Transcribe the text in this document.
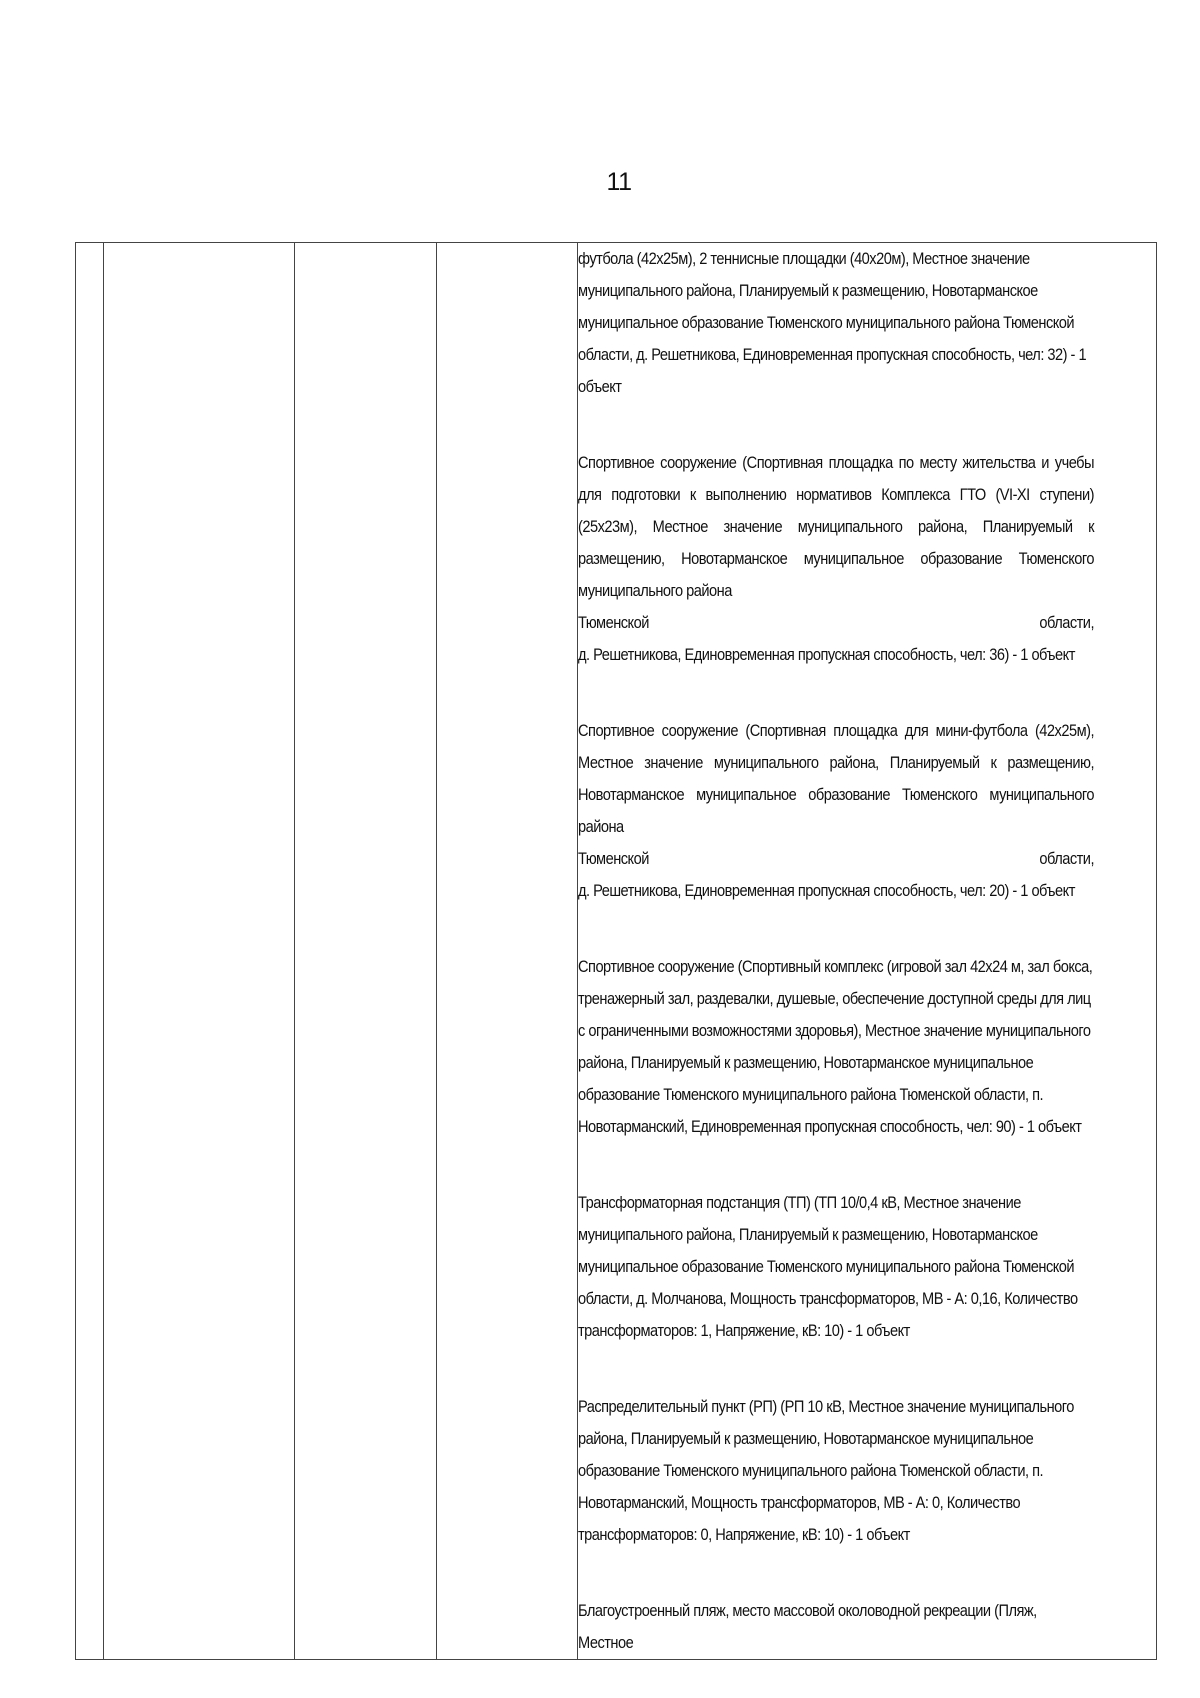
11

футбола (42х25м), 2 теннисные площадки (40х20м), Местное значение муниципального района, Планируемый к размещению, Новотарманское муниципальное образование Тюменского муниципального района Тюменской области, д. Решетникова, Единовременная пропускная способность, чел: 32) - 1 объект

Спортивное сооружение (Спортивная площадка по месту жительства и учебы для подготовки к выполнению нормативов Комплекса ГТО (VI-XI ступени) (25х23м), Местное значение муниципального района, Планируемый к размещению, Новотарманское муниципальное образование Тюменского муниципального района

Тюменской области,

д. Решетникова, Единовременная пропускная способность, чел: 36) - 1 объект

Спортивное сооружение (Спортивная площадка для мини-футбола (42х25м), Местное значение муниципального района, Планируемый к размещению, Новотарманское муниципальное образование Тюменского муниципального района

Тюменской области,

д. Решетникова, Единовременная пропускная способность, чел: 20) - 1 объект

Спортивное сооружение (Спортивный комплекс (игровой зал 42х24 м, зал бокса, тренажерный зал, раздевалки, душевые, обеспечение доступной среды для лиц с ограниченными возможностями здоровья), Местное значение муниципального района, Планируемый к размещению, Новотарманское муниципальное образование Тюменского муниципального района Тюменской области, п. Новотарманский, Единовременная пропускная способность, чел: 90) - 1 объект

Трансформаторная подстанция (ТП) (ТП 10/0,4 кВ, Местное значение муниципального района, Планируемый к размещению, Новотарманское муниципальное образование Тюменского муниципального района Тюменской области, д. Молчанова, Мощность трансформаторов, МВ - А: 0,16, Количество трансформаторов: 1, Напряжение, кВ: 10) - 1 объект

Распределительный пункт (РП) (РП 10 кВ, Местное значение муниципального района, Планируемый к размещению, Новотарманское муниципальное образование Тюменского муниципального района Тюменской области, п. Новотарманский, Мощность трансформаторов, МВ - А: 0, Количество трансформаторов: 0, Напряжение, кВ: 10) - 1 объект

Благоустроенный пляж, место массовой околоводной рекреации (Пляж, Местное
